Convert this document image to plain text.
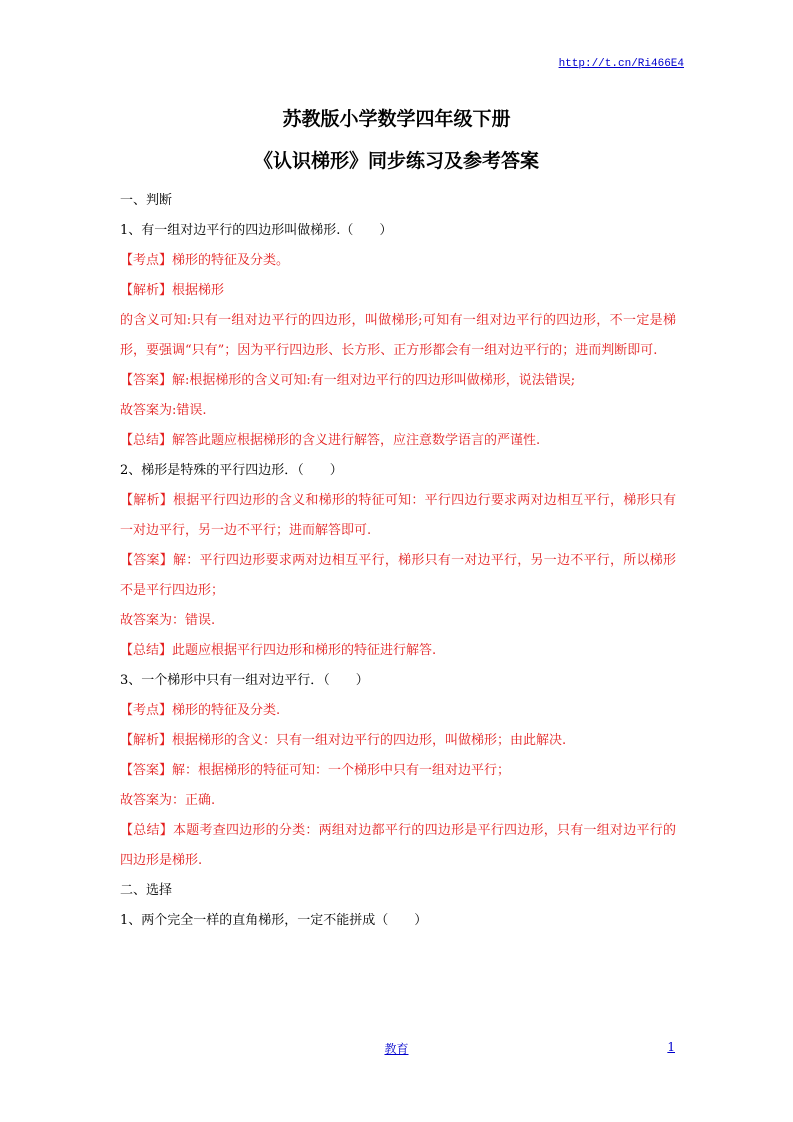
http://t.cn/Ri466E4
苏教版小学数学四年级下册
《认识梯形》同步练习及参考答案
一、判断
1、有一组对边平行的四边形叫做梯形.（　　）
【考点】梯形的特征及分类。
【解析】根据梯形
的含义可知:只有一组对边平行的四边形，叫做梯形;可知有一组对边平行的四边形，不一定是梯形，要强调“只有”；因为平行四边形、长方形、正方形都会有一组对边平行的；进而判断即可.
【答案】解:根据梯形的含义可知:有一组对边平行的四边形叫做梯形，说法错误;
故答案为:错误.
【总结】解答此题应根据梯形的含义进行解答，应注意数学语言的严谨性.
2、梯形是特殊的平行四边形．（　　）
【解析】根据平行四边形的含义和梯形的特征可知：平行四边行要求两对边相互平行，梯形只有一对边平行，另一边不平行；进而解答即可.
【答案】解：平行四边形要求两对边相互平行，梯形只有一对边平行，另一边不平行，所以梯形不是平行四边形；
故答案为：错误.
【总结】此题应根据平行四边形和梯形的特征进行解答.
3、一个梯形中只有一组对边平行．（　　）
【考点】梯形的特征及分类.
【解析】根据梯形的含义：只有一组对边平行的四边形，叫做梯形；由此解决.
【答案】解：根据梯形的特征可知：一个梯形中只有一组对边平行；
故答案为：正确.
【总结】本题考查四边形的分类：两组对边都平行的四边形是平行四边形，只有一组对边平行的四边形是梯形.
二、选择
1、两个完全一样的直角梯形，一定不能拼成（　　）
教育	1
